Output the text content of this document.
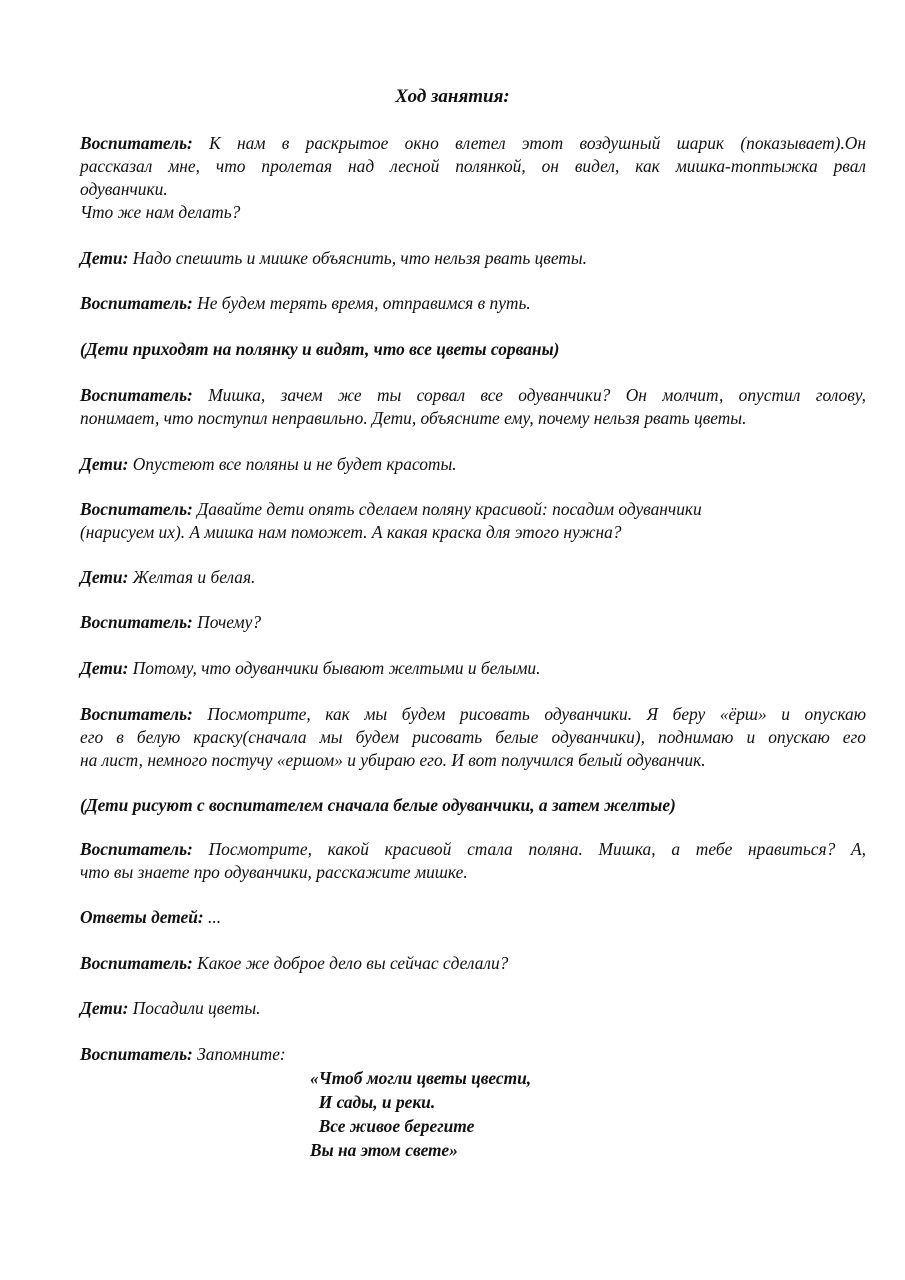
Ход занятия:
Воспитатель: К нам в раскрытое окно влетел этот воздушный шарик (показывает).Он
рассказал мне, что пролетая над лесной полянкой, он видел, как мишка-топтыжка рвал
одуванчики.
Что же нам делать?
Дети: Надо спешить и мишке объяснить, что нельзя рвать цветы.
Воспитатель: Не будем терять время, отправимся в путь.
(Дети приходят на полянку и видят, что все цветы сорваны)
Воспитатель: Мишка, зачем же ты сорвал все одуванчики? Он молчит, опустил голову,
понимает, что поступил неправильно. Дети, объясните ему, почему нельзя рвать цветы.
Дети: Опустеют все поляны и не будет красоты.
Воспитатель: Давайте дети опять сделаем поляну красивой: посадим одуванчики
(нарисуем их). А мишка нам поможет. А какая краска для этого нужна?
Дети: Желтая и белая.
Воспитатель: Почему?
Дети: Потому, что одуванчики бывают желтыми и белыми.
Воспитатель: Посмотрите, как мы будем рисовать одуванчики. Я беру «ёрш» и опускаю
его в белую краску(сначала мы будем рисовать белые одуванчики), поднимаю и опускаю его
на лист, немного постучу «ершом» и убираю его. И вот получился белый одуванчик.
(Дети рисуют с воспитателем сначала белые одуванчики, а затем желтые)
Воспитатель: Посмотрите, какой красивой стала поляна. Мишка, а тебе нравиться? А,
что вы знаете про одуванчики, расскажите мишке.
Ответы детей: ...
Воспитатель: Какое же доброе дело вы сейчас сделали?
Дети: Посадили цветы.
Воспитатель: Запомните:
«Чтоб могли цветы цвести,
И сады, и реки.
Все живое берегите
Вы на этом свете»
